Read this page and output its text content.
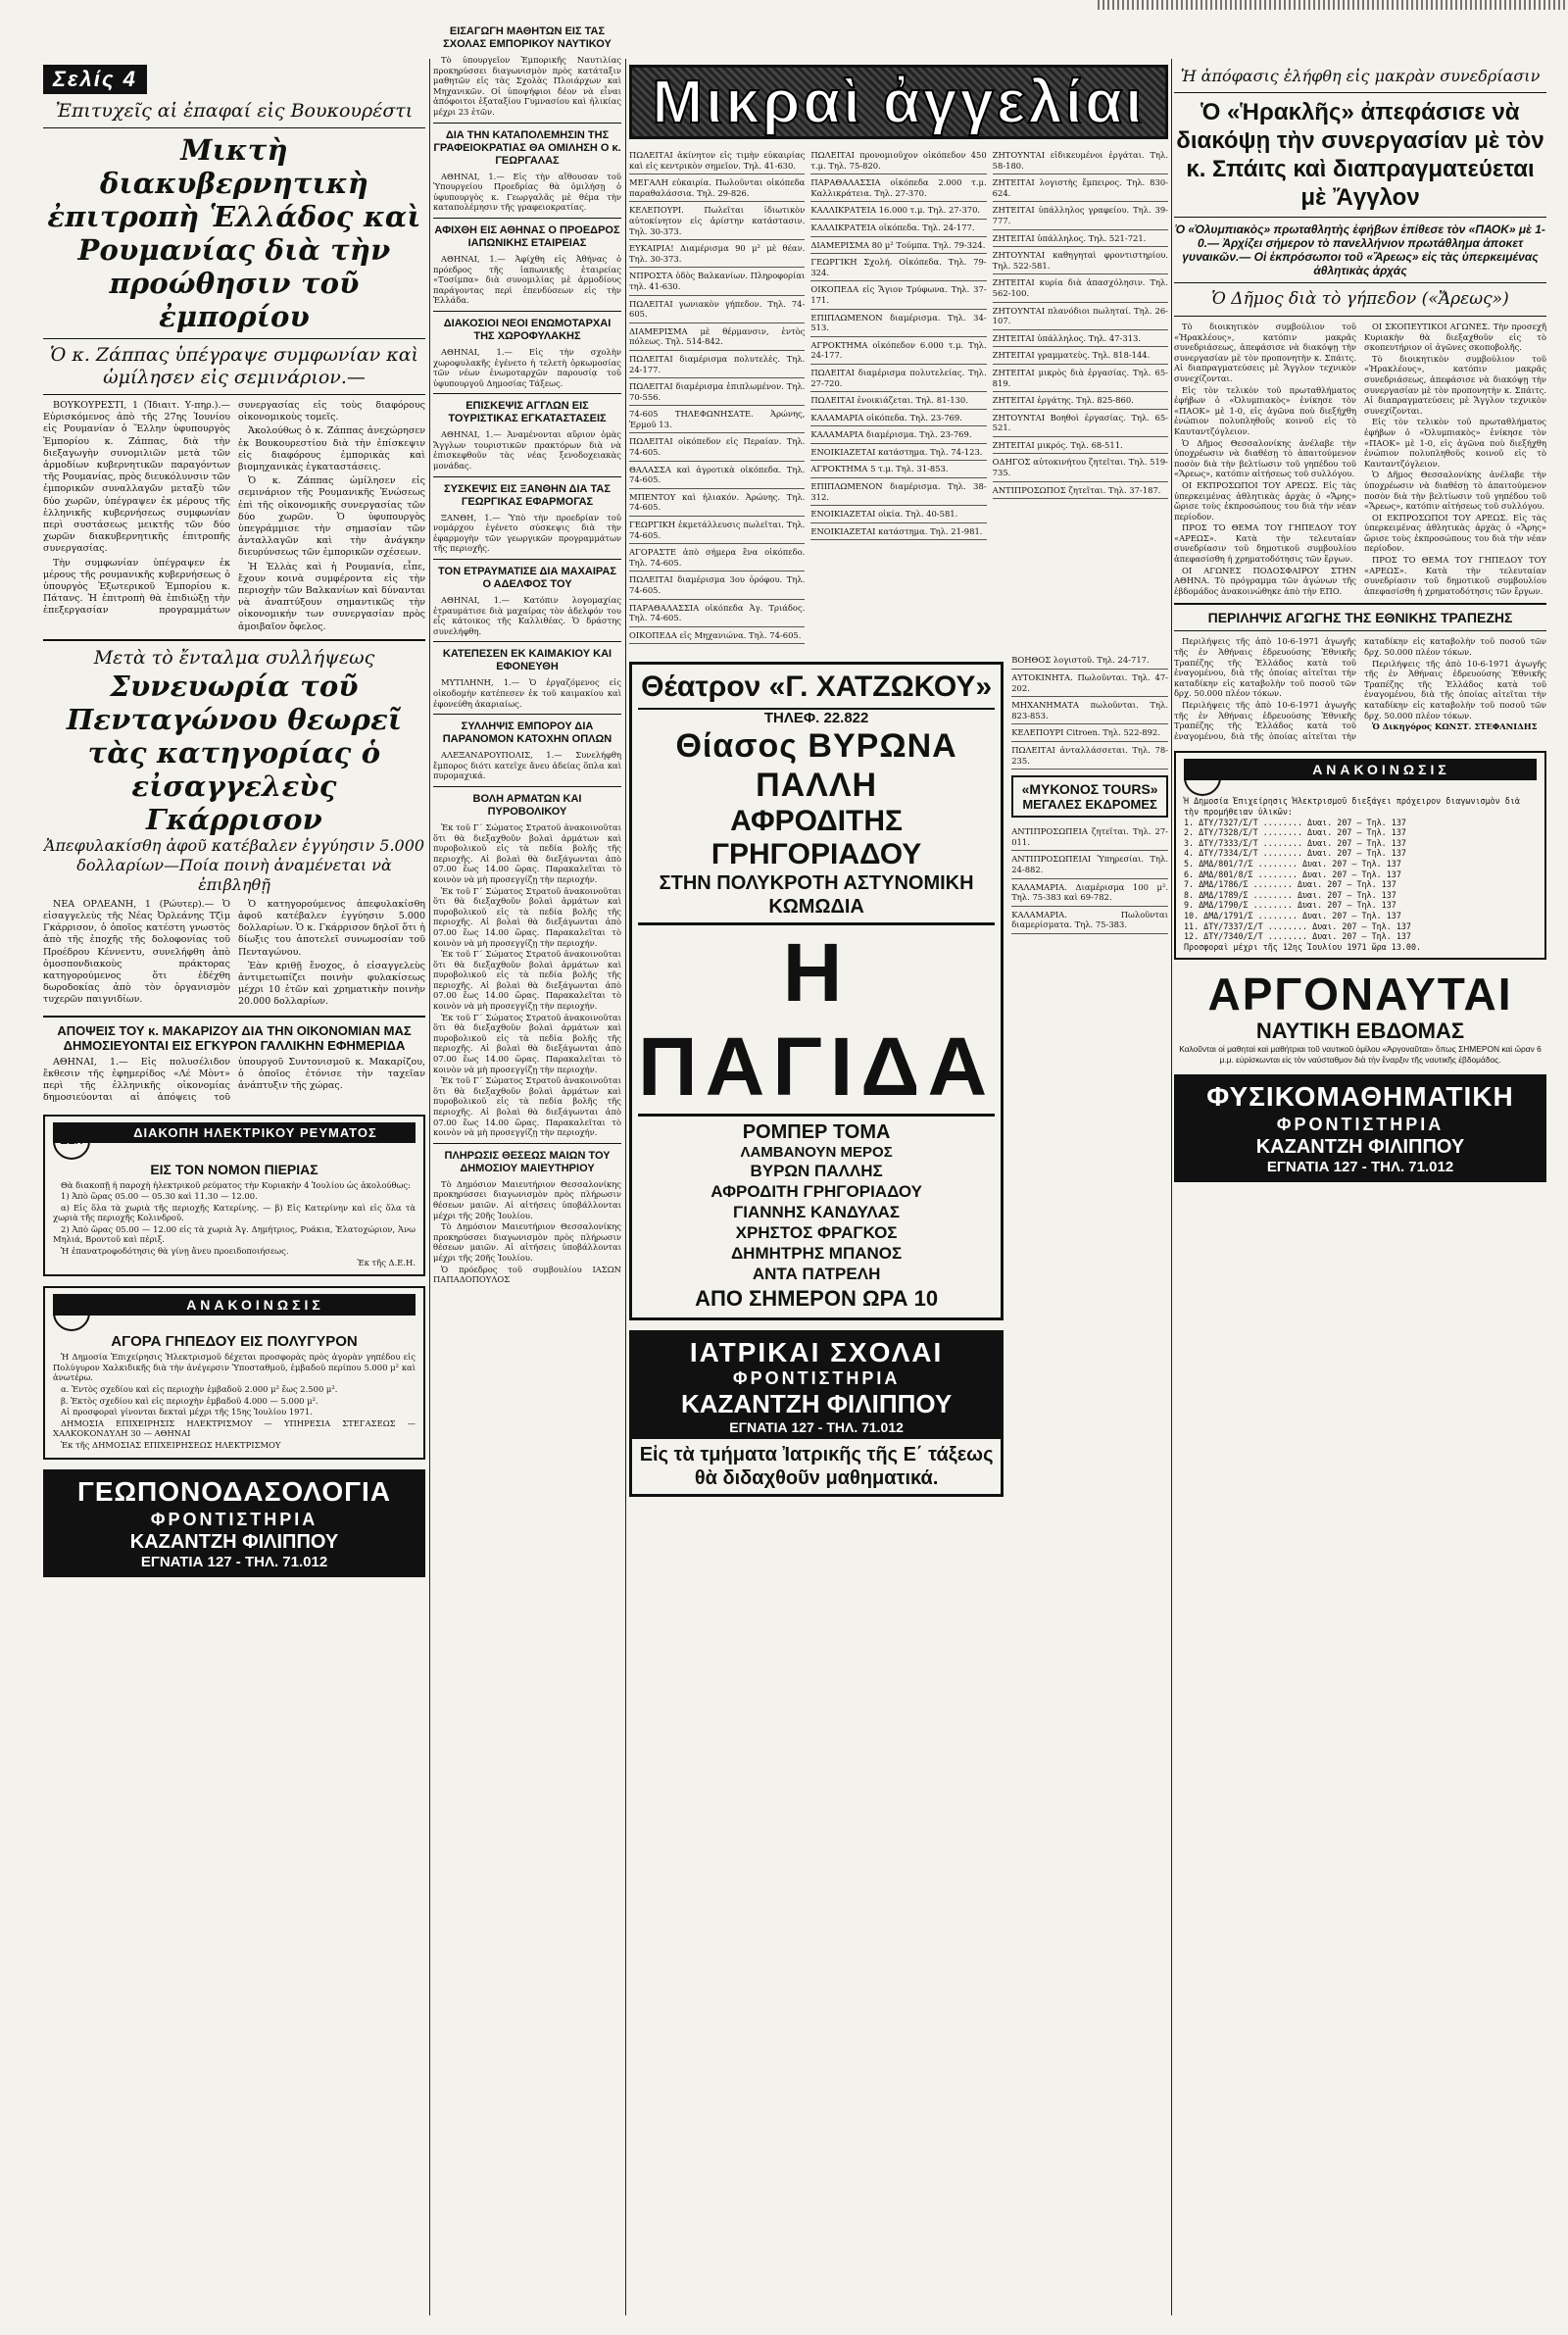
Σελίς 4
Ἐπιτυχεῖς αἱ ἐπαφαί εἰς Βουκουρέστι
Μικτὴ διακυβερνητικὴ ἐπιτροπὴ Ἑλλάδος καὶ Ρουμανίας διὰ τὴν προώθησιν τοῦ ἐμπορίου
Ὁ κ. Ζάππας ὑπέγραψε συμφωνίαν καὶ ὡμίλησεν εἰς σεμινάριον.—

ΒΟΥΚΟΥΡΕΣΤΙ, 1 (Ἰδιαιτ. Υ-πηρ.).— Εὐρισκόμενος ἀπὸ τῆς 27ης Ἰουνίου εἰς Ρουμανίαν ὁ Ἕλλην ὑφυπουργὸς Ἐμπορίου κ. Ζάππας, διὰ τὴν διεξαγωγὴν συνομιλιῶν μετὰ τῶν ἁρμοδίων κυβερνητικῶν παραγόντων τῆς Ρουμανίας, πρὸς διευκόλυνσιν τῶν ἐμπορικῶν συναλλαγῶν μεταξὺ τῶν δύο χωρῶν, ὑπέγραψεν ἐκ μέρους τῆς ἑλληνικῆς κυβερνήσεως συμφωνίαν περὶ συστάσεως μεικτῆς τῶν δύο χωρῶν διακυβερνητικῆς ἐπιτροπῆς συνεργασίας.

Τὴν συμφωνίαν ὑπέγραψεν ἐκ μέρους τῆς ρουμανικῆς κυβερνήσεως ὁ ὑπουργὸς Ἐξωτερικοῦ Ἐμπορίου κ. Πάτανς. Ἡ ἐπιτροπὴ θὰ ἐπιδιώξῃ τὴν ἐπεξεργασίαν προγραμμάτων συνεργασίας εἰς τοὺς διαφόρους οἰκονομικοὺς τομεῖς.

Ἀκολούθως ὁ κ. Ζάππας ἀνεχώρησεν ἐκ Βουκουρεστίου διὰ τὴν ἐπίσκεψιν εἰς διαφόρους ἐμπορικὰς καὶ βιομηχανικὰς ἐγκαταστάσεις.

Ὁ κ. Ζάππας ὡμίλησεν εἰς σεμινάριον τῆς Ρουμανικῆς Ἐνώσεως ἐπὶ τῆς οἰκονομικῆς συνεργασίας τῶν δύο χωρῶν. Ὁ ὑφυπουργὸς ὑπεγράμμισε τὴν σημασίαν τῶν ἀνταλλαγῶν καὶ τὴν ἀνάγκην διευρύνσεως τῶν ἐμπορικῶν σχέσεων.

Ἡ Ἑλλὰς καὶ ἡ Ρουμανία, εἶπε, ἔχουν κοινὰ συμφέροντα εἰς τὴν περιοχὴν τῶν Βαλκανίων καὶ δύνανται νὰ ἀναπτύξουν σημαντικῶς τὴν οἰκονομικήν των συνεργασίαν πρὸς ἀμοιβαῖον ὄφελος.

Μετὰ τὸ ἔνταλμα συλλήψεως
Συνευωρία τοῦ Πενταγώνου θεωρεῖ τὰς κατηγορίας ὁ εἰσαγγελεὺς Γκάρρισον
Ἀπεφυλακίσθη ἀφοῦ κατέβαλεν ἐγγύησιν 5.000 δολλαρίων—Ποία ποινὴ ἀναμένεται νὰ ἐπιβληθῇ

ΝΕΑ ΟΡΛΕΑΝΗ, 1 (Ρώυτερ).— Ὁ εἰσαγγελεὺς τῆς Νέας Ὀρλεάνης Τζὶμ Γκάρρισον, ὁ ὁποῖος κατέστη γνωστὸς ἀπὸ τῆς ἐποχῆς τῆς δολοφονίας τοῦ Προέδρου Κέννεντυ, συνελήφθη ἀπὸ ὁμοσπονδιακοὺς πράκτορας κατηγορούμενος ὅτι ἐδέχθη δωροδοκίας ἀπὸ τὸν ὀργανισμὸν τυχερῶν παιγνιδίων.

Ὁ κατηγορούμενος ἀπεφυλακίσθη ἀφοῦ κατέβαλεν ἐγγύησιν 5.000 δολλαρίων. Ὁ κ. Γκάρρισον δηλοῖ ὅτι ἡ δίωξις του ἀποτελεῖ συνωμοσίαν τοῦ Πενταγώνου.

Ἐὰν κριθῇ ἔνοχος, ὁ εἰσαγγελεὺς ἀντιμετωπίζει ποινὴν φυλακίσεως μέχρι 10 ἐτῶν καὶ χρηματικὴν ποινὴν 20.000 δολλαρίων.

ΑΠΟΨΕΙΣ ΤΟΥ κ. ΜΑΚΑΡΙΖΟΥ ΔΙΑ ΤΗΝ ΟΙΚΟΝΟΜΙΑΝ ΜΑΣ ΔΗΜΟΣΙΕΥΟΝΤΑΙ ΕΙΣ ΕΓΚΥΡΟΝ ΓΑΛΛΙΚΗΝ ΕΦΗΜΕΡΙΔΑ

ΑΘΗΝΑΙ, 1.— Εἰς πολυσέλιδον ἔκθεσιν τῆς ἐφημερίδος «Λέ Μὸντ» περὶ τῆς ἑλληνικῆς οἰκονομίας δημοσιεύονται αἱ ἀπόψεις τοῦ ὑπουργοῦ Συντονισμοῦ κ. Μακαρίζου, ὁ ὁποῖος ἐτόνισε τὴν ταχεῖαν ἀνάπτυξιν τῆς χώρας.

ΔΕΗ
ΔΙΑΚΟΠΗ ΗΛΕΚΤΡΙΚΟΥ ΡΕΥΜΑΤΟΣ
ΕΙΣ ΤΟΝ ΝΟΜΟΝ ΠΙΕΡΙΑΣ

Θὰ διακοπῇ ἡ παροχὴ ἠλεκτρικοῦ ρεύματος τὴν Κυριακὴν 4 Ἰουλίου ὡς ἀκολούθως:

1) Ἀπὸ ὥρας 05.00 — 05.30 καὶ 11.30 — 12.00.

α) Εἰς ὅλα τὰ χωριὰ τῆς περιοχῆς Κατερίνης. — β) Εἰς Κατερίνην καὶ εἰς ὅλα τὰ χωριὰ τῆς περιοχῆς Κολινδροῦ.

2) Ἀπὸ ὥρας 05.00 — 12.00 εἰς τὰ χωριὰ Ἀγ. Δημήτριος, Ρυάκια, Ἐλατοχώριον, Ἀνω Μηλιά, Βροντοῦ καὶ πέριξ.

Ἡ ἐπανατροφοδότησις θὰ γίνῃ ἄνευ προειδοποιήσεως.

Ἐκ τῆς Δ.Ε.Η.

ΔΕΗ	ΑΝΑΚΟΙΝΩΣΙΣ
ΑΓΟΡΑ ΓΗΠΕΔΟΥ ΕΙΣ ΠΟΛΥΓΥΡΟΝ

Ἡ Δημοσία Ἐπιχείρησις Ἠλεκτρισμοῦ δέχεται προσφορὰς πρὸς ἀγορὰν γηπέδου εἰς Πολύγυρον Χαλκιδικῆς διὰ τὴν ἀνέγερσιν Ὑποσταθμοῦ, ἐμβαδοῦ περίπου 5.000 μ² καὶ ἀνωτέρω.

α. Ἐντὸς σχεδίου καὶ εἰς περιοχὴν ἐμβαδοῦ 2.000 μ² ἕως 2.500 μ².

β. Ἐκτὸς σχεδίου καὶ εἰς περιοχὴν ἐμβαδοῦ 4.000 — 5.000 μ².

Αἱ προσφοραὶ γίνονται δεκταὶ μέχρι τῆς 15ης Ἰουλίου 1971.

ΔΗΜΟΣΙΑ ΕΠΙΧΕΙΡΗΣΙΣ ΗΛΕΚΤΡΙΣΜΟΥ — ΥΠΗΡΕΣΙΑ ΣΤΕΓΑΣΕΩΣ — ΧΑΛΚΟΚΟΝΔΥΛΗ 30 — ΑΘΗΝΑΙ

Ἐκ τῆς ΔΗΜΟΣΙΑΣ ΕΠΙΧΕΙΡΗΣΕΩΣ ΗΛΕΚΤΡΙΣΜΟΥ

ΓΕΩΠΟΝΟΔΑΣΟΛΟΓΙΑ
ΦΡΟΝΤΙΣΤΗΡΙΑ
ΚΑΖΑΝΤΖΗ ΦΙΛΙΠΠΟΥ
ΕΓΝΑΤΙΑ 127 - ΤΗΛ. 71.012
ΕΙΣΑΓΩΓΗ ΜΑΘΗΤΩΝ ΕΙΣ ΤΑΣ ΣΧΟΛΑΣ ΕΜΠΟΡΙΚΟΥ ΝΑΥΤΙΚΟΥ

Τὸ ὑπουργεῖον Ἐμπορικῆς Ναυτιλίας προκηρύσσει διαγωνισμὸν πρὸς κατάταξιν μαθητῶν εἰς τὰς Σχολὰς Πλοιάρχων καὶ Μηχανικῶν. Οἱ ὑποψήφιοι δέον νὰ εἶναι ἀπόφοιτοι ἑξαταξίου Γυμνασίου καὶ ἡλικίας μέχρι 23 ἐτῶν.

ΔΙΑ ΤΗΝ ΚΑΤΑΠΟΛΕΜΗΣΙΝ ΤΗΣ ΓΡΑΦΕΙΟΚΡΑΤΙΑΣ ΘΑ ΟΜΙΛΗΣΗ Ο κ. ΓΕΩΡΓΑΛΑΣ

ΑΘΗΝΑΙ, 1.— Εἰς τὴν αἴθουσαν τοῦ Ὑπουργείου Προεδρίας θὰ ὁμιλήσῃ ὁ ὑφυπουργὸς κ. Γεωργαλᾶς μὲ θέμα τὴν καταπολέμησιν τῆς γραφειοκρατίας.

ΑΦΙΧΘΗ ΕΙΣ ΑΘΗΝΑΣ Ο ΠΡΟΕΔΡΟΣ ΙΑΠΩΝΙΚΗΣ ΕΤΑΙΡΕΙΑΣ

ΑΘΗΝΑΙ, 1.— Ἀφίχθη εἰς Ἀθήνας ὁ πρόεδρος τῆς ἰαπωνικῆς ἑταιρείας «Τοσίμπα» διὰ συνομιλίας μὲ ἁρμοδίους παράγοντας περὶ ἐπενδύσεων εἰς τὴν Ἑλλάδα.

ΔΙΑΚΟΣΙΟΙ ΝΕΟΙ ΕΝΩΜΟΤΑΡΧΑΙ ΤΗΣ ΧΩΡΟΦΥΛΑΚΗΣ

ΑΘΗΝΑΙ, 1.— Εἰς τὴν σχολὴν χωροφυλακῆς ἐγένετο ἡ τελετὴ ὀρκωμοσίας τῶν νέων ἐνωμοταρχῶν παρουσίᾳ τοῦ ὑφυπουργοῦ Δημοσίας Τάξεως.

ΕΠΙΣΚΕΨΙΣ ΑΓΓΛΩΝ ΕΙΣ ΤΟΥΡΙΣΤΙΚΑΣ ΕΓΚΑΤΑΣΤΑΣΕΙΣ

ΑΘΗΝΑΙ, 1.— Ἀναμένονται αὔριον ὁμὰς Ἄγγλων τουριστικῶν πρακτόρων διὰ νὰ ἐπισκεφθοῦν τὰς νέας ξενοδοχειακὰς μονάδας.

ΣΥΣΚΕΨΙΣ ΕΙΣ ΞΑΝΘΗΝ ΔΙΑ ΤΑΣ ΓΕΩΡΓΙΚΑΣ ΕΦΑΡΜΟΓΑΣ

ΞΑΝΘΗ, 1.— Ὑπὸ τὴν προεδρίαν τοῦ νομάρχου ἐγένετο σύσκεψις διὰ τὴν ἐφαρμογὴν τῶν γεωργικῶν προγραμμάτων τῆς περιοχῆς.

ΤΟΝ ΕΤΡΑΥΜΑΤΙΣΕ ΔΙΑ ΜΑΧΑΙΡΑΣ Ο ΑΔΕΛΦΟΣ ΤΟΥ

ΑΘΗΝΑΙ, 1.— Κατόπιν λογομαχίας ἐτραυμάτισε διὰ μαχαίρας τὸν ἀδελφόν του εἷς κάτοικος τῆς Καλλιθέας. Ὁ δράστης συνελήφθη.

ΚΑΤΕΠΕΣΕΝ ΕΚ ΚΑΙΜΑΚΙΟΥ ΚΑΙ ΕΦΟΝΕΥΘΗ

ΜΥΤΙΛΗΝΗ, 1.— Ὁ ἐργαζόμενος εἰς οἰκοδομὴν κατέπεσεν ἐκ τοῦ καιμακίου καὶ ἐφονεύθη ἀκαριαίως.

ΣΥΛΛΗΨΙΣ ΕΜΠΟΡΟΥ ΔΙΑ ΠΑΡΑΝΟΜΟΝ ΚΑΤΟΧΗΝ ΟΠΛΩΝ

ΑΛΕΞΑΝΔΡΟΥΠΟΛΙΣ, 1.— Συνελήφθη ἔμπορος διότι κατεῖχε ἄνευ ἀδείας ὅπλα καὶ πυρομαχικά.

ΒΟΛΗ ΑΡΜΑΤΩΝ ΚΑΙ ΠΥΡΟΒΟΛΙΚΟΥ

Ἐκ τοῦ Γ΄ Σώματος Στρατοῦ ἀνακοινοῦται ὅτι θὰ διεξαχθοῦν βολαὶ ἀρμάτων καὶ πυροβολικοῦ εἰς τὰ πεδία βολῆς τῆς περιοχῆς. Αἱ βολαὶ θὰ διεξάγωνται ἀπὸ 07.00 ἕως 14.00 ὥρας. Παρακαλεῖται τὸ κοινὸν νὰ μὴ προσεγγίζῃ τὴν περιοχήν.

Ἐκ τοῦ Γ΄ Σώματος Στρατοῦ ἀνακοινοῦται ὅτι θὰ διεξαχθοῦν βολαὶ ἀρμάτων καὶ πυροβολικοῦ εἰς τὰ πεδία βολῆς τῆς περιοχῆς. Αἱ βολαὶ θὰ διεξάγωνται ἀπὸ 07.00 ἕως 14.00 ὥρας. Παρακαλεῖται τὸ κοινὸν νὰ μὴ προσεγγίζῃ τὴν περιοχήν.

Ἐκ τοῦ Γ΄ Σώματος Στρατοῦ ἀνακοινοῦται ὅτι θὰ διεξαχθοῦν βολαὶ ἀρμάτων καὶ πυροβολικοῦ εἰς τὰ πεδία βολῆς τῆς περιοχῆς. Αἱ βολαὶ θὰ διεξάγωνται ἀπὸ 07.00 ἕως 14.00 ὥρας. Παρακαλεῖται τὸ κοινὸν νὰ μὴ προσεγγίζῃ τὴν περιοχήν.

Ἐκ τοῦ Γ΄ Σώματος Στρατοῦ ἀνακοινοῦται ὅτι θὰ διεξαχθοῦν βολαὶ ἀρμάτων καὶ πυροβολικοῦ εἰς τὰ πεδία βολῆς τῆς περιοχῆς. Αἱ βολαὶ θὰ διεξάγωνται ἀπὸ 07.00 ἕως 14.00 ὥρας. Παρακαλεῖται τὸ κοινὸν νὰ μὴ προσεγγίζῃ τὴν περιοχήν.

Ἐκ τοῦ Γ΄ Σώματος Στρατοῦ ἀνακοινοῦται ὅτι θὰ διεξαχθοῦν βολαὶ ἀρμάτων καὶ πυροβολικοῦ εἰς τὰ πεδία βολῆς τῆς περιοχῆς. Αἱ βολαὶ θὰ διεξάγωνται ἀπὸ 07.00 ἕως 14.00 ὥρας. Παρακαλεῖται τὸ κοινὸν νὰ μὴ προσεγγίζῃ τὴν περιοχήν.

ΠΛΗΡΩΣΙΣ ΘΕΣΕΩΣ ΜΑΙΩΝ ΤΟΥ ΔΗΜΟΣΙΟΥ ΜΑΙΕΥΤΗΡΙΟΥ

Τὸ Δημόσιον Μαιευτήριον Θεσσαλονίκης προκηρύσσει διαγωνισμὸν πρὸς πλήρωσιν θέσεων μαιῶν. Αἱ αἰτήσεις ὑποβάλλονται μέχρι τῆς 20ῆς Ἰουλίου.

Τὸ Δημόσιον Μαιευτήριον Θεσσαλονίκης προκηρύσσει διαγωνισμὸν πρὸς πλήρωσιν θέσεων μαιῶν. Αἱ αἰτήσεις ὑποβάλλονται μέχρι τῆς 20ῆς Ἰουλίου.

Ὁ πρόεδρος τοῦ συμβουλίου ΙΑΣΩΝ ΠΑΠΑΔΟΠΟΥΛΟΣ

Μικραὶ ἀγγελίαι
ΠΩΛΕΙΤΑΙ ἀκίνητον εἰς τιμὴν εὐκαιρίας καὶ εἰς κεντρικὸν σημεῖον. Τηλ. 41-630.
ΜΕΓΑΛΗ εὐκαιρία. Πωλοῦνται οἰκόπεδα παραθαλάσσια. Τηλ. 29-826.
ΚΕΛΕΠΟΥΡΙ. Πωλεῖται ἰδιωτικὸν αὐτοκίνητον εἰς ἀρίστην κατάστασιν. Τηλ. 30-373.
ΕΥΚΑΙΡΙΑ! Διαμέρισμα 90 μ² μὲ θέαν. Τηλ. 30-373.
ΝΠΡΟΣΤΑ ὁδὸς Βαλκανίων. Πληροφορίαι τηλ. 41-630.
ΠΩΛΕΙΤΑΙ γωνιακὸν γήπεδον. Τηλ. 74-605.
ΔΙΑΜΕΡΙΣΜΑ μὲ θέρμανσιν, ἐντὸς πόλεως. Τηλ. 514-842.
ΠΩΛΕΙΤΑΙ διαμέρισμα πολυτελὲς. Τηλ. 24-177.
ΠΩΛΕΙΤΑΙ διαμέρισμα ἐπιπλωμένον. Τηλ. 70-556.
74-605 ΤΗΛΕΦΩΝΗΣΑΤΕ. Ἀρώνης, Ἐρμοῦ 13.
ΠΩΛΕΙΤΑΙ οἰκόπεδον εἰς Περαίαν. Τηλ. 74-605.
ΘΑΛΑΣΣΑ καὶ ἀγροτικὰ οἰκόπεδα. Τηλ. 74-605.
ΜΠΕΝΤΟΥ καὶ ἡλιακόν. Ἀρώνης. Τηλ. 74-605.
ΓΕΩΡΓΙΚΗ ἐκμετάλλευσις πωλεῖται. Τηλ. 74-605.
ΑΓΟΡΑΣΤΕ ἀπὸ σήμερα ἓνα οἰκόπεδο. Τηλ. 74-605.
ΠΩΛΕΙΤΑΙ διαμέρισμα 3ου ὀρόφου. Τηλ. 74-605.
ΠΑΡΑΘΑΛΑΣΣΙΑ οἰκόπεδα Ἀγ. Τριάδος. Τηλ. 74-605.
ΟΙΚΟΠΕΔΑ εἰς Μηχανιώνα. Τηλ. 74-605.
ΠΩΛΕΙΤΑΙ προνομιοῦχον οἰκόπεδον 450 τ.μ. Τηλ. 75-820.
ΠΑΡΑΘΑΛΑΣΣΙΑ οἰκόπεδα 2.000 τ.μ. Καλλικράτεια. Τηλ. 27-370.
ΚΑΛΛΙΚΡΑΤΕΙΑ 16.000 τ.μ. Τηλ. 27-370.
ΚΑΛΛΙΚΡΑΤΕΙΑ οἰκόπεδα. Τηλ. 24-177.
ΔΙΑΜΕΡΙΣΜΑ 80 μ² Τούμπα. Τηλ. 79-324.
ΓΕΩΡΓΙΚΗ Σχολή. Οἰκόπεδα. Τηλ. 79-324.
ΟΙΚΟΠΕΔΑ εἰς Ἅγιον Τρύφωνα. Τηλ. 37-171.
ΕΠΙΠΛΩΜΕΝΟΝ διαμέρισμα. Τηλ. 34-513.
ΑΓΡΟΚΤΗΜΑ οἰκόπεδον 6.000 τ.μ. Τηλ. 24-177.
ΠΩΛΕΙΤΑΙ διαμέρισμα πολυτελείας. Τηλ. 27-720.
ΠΩΛΕΙΤΑΙ ἐνοικιάζεται. Τηλ. 81-130.
ΚΑΛΑΜΑΡΙΑ οἰκόπεδα. Τηλ. 23-769.
ΚΑΛΑΜΑΡΙΑ διαμέρισμα. Τηλ. 23-769.
ΕΝΟΙΚΙΑΖΕΤΑΙ κατάστημα. Τηλ. 74-123.
ΑΓΡΟΚΤΗΜΑ 5 τ.μ. Τηλ. 31-853.
ΕΠΙΠΛΩΜΕΝΟΝ διαμέρισμα. Τηλ. 38-312.
ΕΝΟΙΚΙΑΖΕΤΑΙ οἰκία. Τηλ. 40-581.
ΕΝΟΙΚΙΑΖΕΤΑΙ κατάστημα. Τηλ. 21-981.
ΖΗΤΟΥΝΤΑΙ εἰδικευμένοι ἐργάται. Τηλ. 58-180.
ΖΗΤΕΙΤΑΙ λογιστὴς ἔμπειρος. Τηλ. 830-624.
ΖΗΤΕΙΤΑΙ ὑπάλληλος γραφείου. Τηλ. 39-777.
ΖΗΤΕΙΤΑΙ ὑπάλληλος. Τηλ. 521-721.
ΖΗΤΟΥΝΤΑΙ καθηγηταὶ φροντιστηρίου. Τηλ. 522-581.
ΖΗΤΕΙΤΑΙ κυρία διὰ ἀπασχόλησιν. Τηλ. 562-100.
ΖΗΤΟΥΝΤΑΙ πλανόδιοι πωληταί. Τηλ. 26-107.
ΖΗΤΕΙΤΑΙ ὑπάλληλος. Τηλ. 47-313.
ΖΗΤΕΙΤΑΙ γραμματεὺς. Τηλ. 818-144.
ΖΗΤΕΙΤΑΙ μικρὸς διὰ ἐργασίας. Τηλ. 65-819.
ΖΗΤΕΙΤΑΙ ἐργάτης. Τηλ. 825-860.
ΖΗΤΟΥΝΤΑΙ Βοηθοὶ ἐργασίας. Τηλ. 65-521.
ΖΗΤΕΙΤΑΙ μικρός. Τηλ. 68-511.
ΟΔΗΓΟΣ αὐτοκινήτου ζητεῖται. Τηλ. 519-735.
ΑΝΤΙΠΡΟΣΩΠΟΣ ζητεῖται. Τηλ. 37-187.
Θέατρον «Γ. ΧΑΤΖΩΚΟΥ»
ΤΗΛΕΦ. 22.822
Θίασος ΒΥΡΩΝΑ ΠΑΛΛΗ
ΑΦΡΟΔΙΤΗΣ ΓΡΗΓΟΡΙΑΔΟΥ
ΣΤΗΝ ΠΟΛΥΚΡΟΤΗ ΑΣΤΥΝΟΜΙΚΗ ΚΩΜΩΔΙΑ
Η ΠΑΓΙΔΑ
ΡΟΜΠΕΡ ΤΟΜΑ
ΛΑΜΒΑΝΟΥΝ ΜΕΡΟΣ
ΒΥΡΩΝ ΠΑΛΛΗΣ
ΑΦΡΟΔΙΤΗ ΓΡΗΓΟΡΙΑΔΟΥ
ΓΙΑΝΝΗΣ ΚΑΝΔΥΛΑΣ
ΧΡΗΣΤΟΣ ΦΡΑΓΚΟΣ
ΔΗΜΗΤΡΗΣ ΜΠΑΝΟΣ
ΑΝΤΑ ΠΑΤΡΕΛΗ
ΑΠΟ ΣΗΜΕΡΟΝ ΩΡΑ 10
ΙΑΤΡΙΚΑΙ ΣΧΟΛΑΙ
ΦΡΟΝΤΙΣΤΗΡΙΑ
ΚΑΖΑΝΤΖΗ ΦΙΛΙΠΠΟΥ
ΕΓΝΑΤΙΑ 127 - ΤΗΛ. 71.012
Εἰς τὰ τμήματα Ἰατρικῆς τῆς Ε΄ τάξεως θὰ διδαχθοῦν μαθηματικά.
ΒΟΗΘΟΣ λογιστοῦ. Τηλ. 24-717.
ΑΥΤΟΚΙΝΗΤΑ. Πωλοῦνται. Τηλ. 47-202.
ΜΗΧΑΝΗΜΑΤΑ πωλοῦνται. Τηλ. 823-853.
ΚΕΛΕΠΟΥΡΙ Citroen. Τηλ. 522-892.
ΠΩΛΕΙΤΑΙ ἀνταλλάσσεται. Τηλ. 78-235.
«ΜΥΚΟΝΟΣ TOURS»
ΜΕΓΑΛΕΣ ΕΚΔΡΟΜΕΣ
ΑΝΤΙΠΡΟΣΩΠΕΙΑ ζητεῖται. Τηλ. 27-011.
ΑΝΤΙΠΡΟΣΩΠΕΙΑΙ Ὑπηρεσίαι. Τηλ. 24-882.
ΚΑΛΑΜΑΡΙΑ. Διαμέρισμα 100 μ². Τηλ. 75-383 καὶ 69-782.
ΚΑΛΑΜΑΡΙΑ. Πωλοῦνται διαμερίσματα. Τηλ. 75-383.
Ἡ ἀπόφασις ἐλήφθη εἰς μακρὰν συνεδρίασιν
Ὁ «Ἡρακλῆς» ἀπεφάσισε νὰ διακόψῃ τὴν συνεργασίαν μὲ τὸν κ. Σπάιτς καὶ διαπραγματεύεται μὲ Ἄγγλον
Ὁ «Ὀλυμπιακὸς» πρωταθλητὴς ἐφήβων ἐπίθεσε τὸν «ΠΑΟΚ» μὲ 1-0.— Ἀρχίζει σήμερον τὸ πανελλήνιον πρωτάθλημα ἀποκετ γυναικῶν.— Οἱ ἐκπρόσωποι τοῦ «Ἄρεως» εἰς τὰς ὑπερκειμένας ἀθλητικὰς ἀρχάς
Ὁ Δῆμος διὰ τὸ γήπεδον («Ἄρεως»)

Τὸ διοικητικὸν συμβούλιον τοῦ «Ἡρακλέους», κατόπιν μακρᾶς συνεδριάσεως, ἀπεφάσισε νὰ διακόψῃ τὴν συνεργασίαν μὲ τὸν προπονητὴν κ. Σπάιτς. Αἱ διαπραγματεύσεις μὲ Ἄγγλον τεχνικὸν συνεχίζονται.

Εἰς τὸν τελικὸν τοῦ πρωταθλήματος ἐφήβων ὁ «Ὀλυμπιακὸς» ἐνίκησε τὸν «ΠΑΟΚ» μὲ 1-0, εἰς ἀγῶνα ποὺ διεξήχθη ἐνώπιον πολυπληθοῦς κοινοῦ εἰς τὸ Καυταντζόγλειον.

Ὁ Δῆμος Θεσσαλονίκης ἀνέλαβε τὴν ὑποχρέωσιν νὰ διαθέσῃ τὸ ἀπαιτούμενον ποσὸν διὰ τὴν βελτίωσιν τοῦ γηπέδου τοῦ «Ἄρεως», κατόπιν αἰτήσεως τοῦ συλλόγου.

ΟΙ ΕΚΠΡΟΣΩΠΟΙ ΤΟΥ ΑΡΕΩΣ. Εἰς τὰς ὑπερκειμένας ἀθλητικὰς ἀρχὰς ὁ «Ἄρης» ὥρισε τοὺς ἐκπροσώπους του διὰ τὴν νέαν περίοδον.

ΠΡΟΣ ΤΟ ΘΕΜΑ ΤΟΥ ΓΗΠΕΔΟΥ ΤΟΥ «ΑΡΕΩΣ». Κατὰ τὴν τελευταίαν συνεδρίασιν τοῦ δημοτικοῦ συμβουλίου ἀπεφασίσθη ἡ χρηματοδότησις τῶν ἔργων.

ΟΙ ΑΓΩΝΕΣ ΠΟΔΟΣΦΑΙΡΟΥ ΣΤΗΝ ΑΘΗΝΑ. Τὸ πρόγραμμα τῶν ἀγώνων τῆς ἑβδομάδος ἀνακοινώθηκε ἀπὸ τὴν ΕΠΟ.

ΟΙ ΣΚΟΠΕΥΤΙΚΟΙ ΑΓΩΝΕΣ. Τὴν προσεχῆ Κυριακὴν θὰ διεξαχθοῦν εἰς τὸ σκοπευτήριον οἱ ἀγῶνες σκοποβολῆς.

Τὸ διοικητικὸν συμβούλιον τοῦ «Ἡρακλέους», κατόπιν μακρᾶς συνεδριάσεως, ἀπεφάσισε νὰ διακόψῃ τὴν συνεργασίαν μὲ τὸν προπονητὴν κ. Σπάιτς. Αἱ διαπραγματεύσεις μὲ Ἄγγλον τεχνικὸν συνεχίζονται.

Εἰς τὸν τελικὸν τοῦ πρωταθλήματος ἐφήβων ὁ «Ὀλυμπιακὸς» ἐνίκησε τὸν «ΠΑΟΚ» μὲ 1-0, εἰς ἀγῶνα ποὺ διεξήχθη ἐνώπιον πολυπληθοῦς κοινοῦ εἰς τὸ Καυταντζόγλειον.

Ὁ Δῆμος Θεσσαλονίκης ἀνέλαβε τὴν ὑποχρέωσιν νὰ διαθέσῃ τὸ ἀπαιτούμενον ποσὸν διὰ τὴν βελτίωσιν τοῦ γηπέδου τοῦ «Ἄρεως», κατόπιν αἰτήσεως τοῦ συλλόγου.

ΟΙ ΕΚΠΡΟΣΩΠΟΙ ΤΟΥ ΑΡΕΩΣ. Εἰς τὰς ὑπερκειμένας ἀθλητικὰς ἀρχὰς ὁ «Ἄρης» ὥρισε τοὺς ἐκπροσώπους του διὰ τὴν νέαν περίοδον.

ΠΡΟΣ ΤΟ ΘΕΜΑ ΤΟΥ ΓΗΠΕΔΟΥ ΤΟΥ «ΑΡΕΩΣ». Κατὰ τὴν τελευταίαν συνεδρίασιν τοῦ δημοτικοῦ συμβουλίου ἀπεφασίσθη ἡ χρηματοδότησις τῶν ἔργων.

ΠΕΡΙΛΗΨΙΣ ΑΓΩΓΗΣ ΤΗΣ ΕΘΝΙΚΗΣ ΤΡΑΠΕΖΗΣ

Περιλήψεις τῆς ἀπὸ 10-6-1971 ἀγωγῆς τῆς ἐν Ἀθήναις ἐδρευούσης Ἐθνικῆς Τραπέζης τῆς Ἑλλάδος κατὰ τοῦ ἐναγομένου, διὰ τῆς ὁποίας αἰτεῖται τὴν καταδίκην εἰς καταβολὴν τοῦ ποσοῦ τῶν δρχ. 50.000 πλέον τόκων.

Περιλήψεις τῆς ἀπὸ 10-6-1971 ἀγωγῆς τῆς ἐν Ἀθήναις ἐδρευούσης Ἐθνικῆς Τραπέζης τῆς Ἑλλάδος κατὰ τοῦ ἐναγομένου, διὰ τῆς ὁποίας αἰτεῖται τὴν καταδίκην εἰς καταβολὴν τοῦ ποσοῦ τῶν δρχ. 50.000 πλέον τόκων.

Περιλήψεις τῆς ἀπὸ 10-6-1971 ἀγωγῆς τῆς ἐν Ἀθήναις ἐδρευούσης Ἐθνικῆς Τραπέζης τῆς Ἑλλάδος κατὰ τοῦ ἐναγομένου, διὰ τῆς ὁποίας αἰτεῖται τὴν καταδίκην εἰς καταβολὴν τοῦ ποσοῦ τῶν δρχ. 50.000 πλέον τόκων.

Ὁ Δικηγόρος ΚΩΝΣΤ. ΣΤΕΦΑΝΙΔΗΣ

ΔΕΗ	ΑΝΑΚΟΙΝΩΣΙΣ
Ἡ Δημοσία Ἐπιχείρησις Ἠλεκτρισμοῦ διεξάγει πρόχειρον διαγωνισμὸν διὰ τὴν προμήθειαν ὑλικῶν:
1. ΔΤΥ/7327/Σ/Τ ........ Δυαι. 207 — Τηλ. 137
2. ΔΤΥ/7328/Σ/Τ ........ Δυαι. 207 — Τηλ. 137
3. ΔΤΥ/7333/Σ/Τ ........ Δυαι. 207 — Τηλ. 137
4. ΔΤΥ/7334/Σ/Τ ........ Δυαι. 207 — Τηλ. 137
5. ΔΜΔ/801/7/Σ ........ Δυαι. 207 — Τηλ. 137
6. ΔΜΔ/801/8/Σ ........ Δυαι. 207 — Τηλ. 137
7. ΔΜΔ/1786/Σ ........ Δυαι. 207 — Τηλ. 137
8. ΔΜΔ/1789/Σ ........ Δυαι. 207 — Τηλ. 137
9. ΔΜΔ/1790/Σ ........ Δυαι. 207 — Τηλ. 137
10. ΔΜΔ/1791/Σ ........ Δυαι. 207 — Τηλ. 137
11. ΔΤΥ/7337/Σ/Τ ........ Δυαι. 207 — Τηλ. 137
12. ΔΤΥ/7340/Σ/Τ ........ Δυαι. 207 — Τηλ. 137
Προσφοραὶ μέχρι τῆς 12ης Ἰουλίου 1971 ὥρα 13.00.
ΑΡΓΟΝΑΥΤΑΙ
ΝΑΥΤΙΚΗ ΕΒΔΟΜΑΣ

Καλοῦνται οἱ μαθηταὶ καὶ μαθήτριαι τοῦ ναυτικοῦ ὁμίλου «Ἀργοναῦται» ὅπως ΣΗΜΕΡΟΝ καὶ ὥραν 6 μ.μ. εὑρίσκωνται εἰς τὸν ναύσταθμον διὰ τὴν ἔναρξιν τῆς ναυτικῆς ἑβδομάδος.

ΦΥΣΙΚΟΜΑΘΗΜΑΤΙΚΗ
ΦΡΟΝΤΙΣΤΗΡΙΑ
ΚΑΖΑΝΤΖΗ ΦΙΛΙΠΠΟΥ
ΕΓΝΑΤΙΑ 127 - ΤΗΛ. 71.012
